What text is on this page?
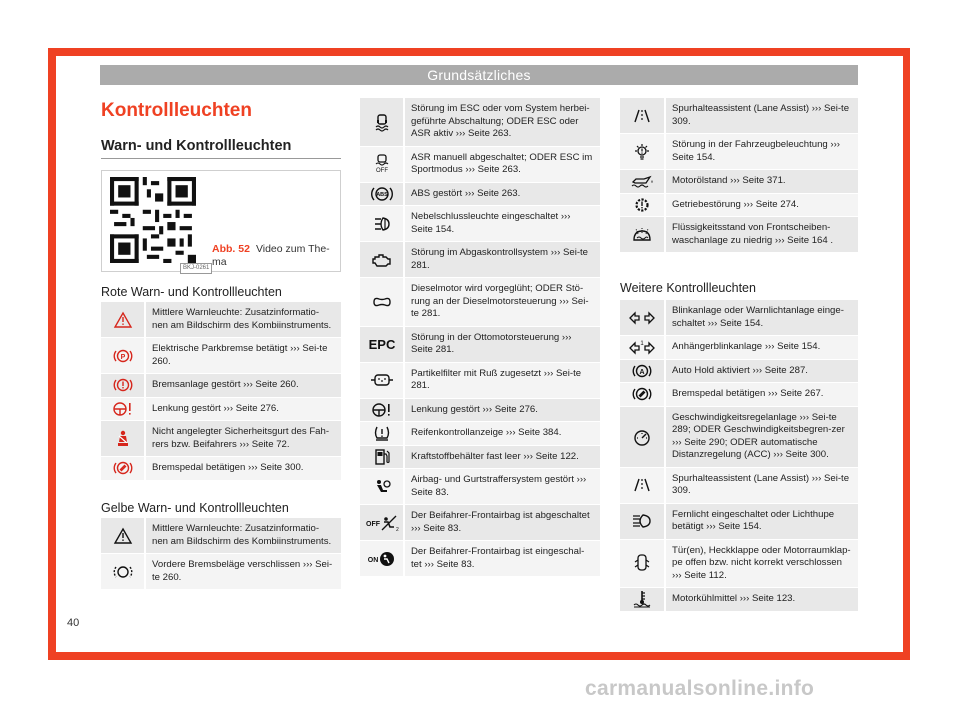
Grundsätzliches
Kontrollleuchten
Warn- und Kontrollleuchten
BKJ-0261
Abb. 52 Video zum The-ma
Rote Warn- und Kontrollleuchten
Mittlere Warnleuchte: Zusatzinformatio-nen am Bildschirm des Kombiinstruments.
P
Elektrische Parkbremse betätigt ››› Sei-te 260.
Bremsanlage gestört ››› Seite 260.
Lenkung gestört ››› Seite 276.
Nicht angelegter Sicherheitsgurt des Fah-rers bzw. Beifahrers ››› Seite 72.
Bremspedal betätigen ››› Seite 300.
Gelbe Warn- und Kontrollleuchten
Mittlere Warnleuchte: Zusatzinformatio-nen am Bildschirm des Kombiinstruments.
Vordere Bremsbeläge verschlissen ››› Sei-te 260.
Störung im ESC oder vom System herbei-geführte Abschaltung; ODER ESC oder ASR aktiv ››› Seite 263.
OFF
ASR manuell abgeschaltet; ODER ESC im Sportmodus ››› Seite 263.
ABS ABS gestört ››› Seite 263.
Nebelschlussleuchte eingeschaltet ››› Seite 154.
Störung im Abgaskontrollsystem ››› Sei-te 281.
Dieselmotor wird vorgeglüht; ODER Stö-rung an der Dieselmotorsteuerung ››› Sei-te 281.
EPC Störung in der Ottomotorsteuerung ››› Seite 281.
Partikelfilter mit Ruß zugesetzt ››› Sei-te 281.
Lenkung gestört ››› Seite 276.
Reifenkontrollanzeige ››› Seite 384.
Kraftstoffbehälter fast leer ››› Seite 122.
Airbag- und Gurtstraffersystem gestört ››› Seite 83.
OFF
2
Der Beifahrer-Frontairbag ist abgeschaltet ››› Seite 83.
ON
Der Beifahrer-Frontairbag ist eingeschal-tet ››› Seite 83.
Spurhalteassistent (Lane Assist) ››› Sei-te 309.
Störung in der Fahrzeugbeleuchtung ››› Seite 154.
Motorölstand ››› Seite 371.
Getriebestörung ››› Seite 274.
Flüssigkeitsstand von Frontscheiben-waschanlage zu niedrig ››› Seite 164 .
Weitere Kontrollleuchten
Blinkanlage oder Warnlichtanlage einge-schaltet ››› Seite 154.
1	Anhängerblinkanlage ››› Seite 154.
A	Auto Hold aktiviert ››› Seite 287.
Bremspedal betätigen ››› Seite 267.
Geschwindigkeitsregelanlage ››› Sei-te 289; ODER Geschwindigkeitsbegren-zer ››› Seite 290; ODER automatische Distanzregelung (ACC) ››› Seite 300.
Spurhalteassistent (Lane Assist) ››› Sei-te 309.
Fernlicht eingeschaltet oder Lichthupe betätigt ››› Seite 154.
Tür(en), Heckklappe oder Motorraumklap-pe offen bzw. nicht korrekt verschlossen ››› Seite 112.
Motorkühlmittel ››› Seite 123.
40
carmanualsonline.info
